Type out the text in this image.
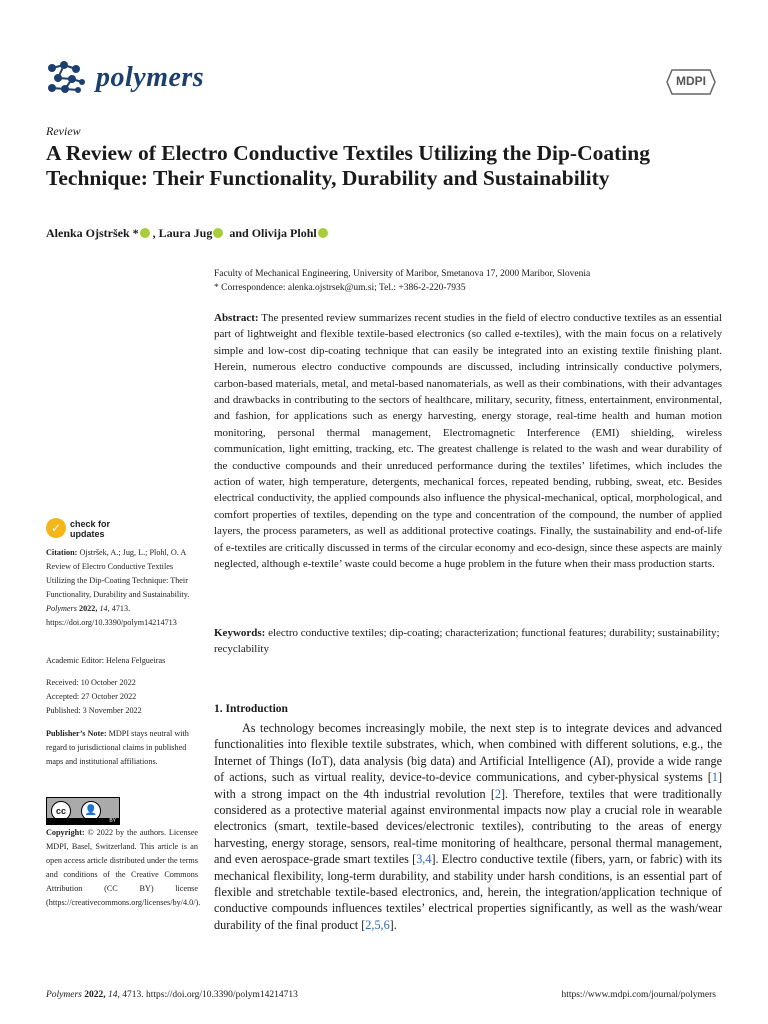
polymers	MDPI
Review
A Review of Electro Conductive Textiles Utilizing the Dip-Coating Technique: Their Functionality, Durability and Sustainability
Alenka Ojstršek * , Laura Jug and Olivija Plohl
Faculty of Mechanical Engineering, University of Maribor, Smetanova 17, 2000 Maribor, Slovenia
* Correspondence: alenka.ojstrsek@um.si; Tel.: +386-2-220-7935
Abstract: The presented review summarizes recent studies in the field of electro conductive textiles as an essential part of lightweight and flexible textile-based electronics (so called e-textiles), with the main focus on a relatively simple and low-cost dip-coating technique that can easily be integrated into an existing textile finishing plant. Herein, numerous electro conductive compounds are discussed, including intrinsically conductive polymers, carbon-based materials, metal, and metal-based nanomaterials, as well as their combinations, with their advantages and drawbacks in contributing to the sectors of healthcare, military, security, fitness, entertainment, environmental, and fashion, for applications such as energy harvesting, energy storage, real-time health and human motion monitoring, personal thermal management, Electromagnetic Interference (EMI) shielding, wireless communication, light emitting, tracking, etc. The greatest challenge is related to the wash and wear durability of the conductive compounds and their unreduced performance during the textiles’ lifetimes, which includes the action of water, high temperature, detergents, mechanical forces, repeated bending, rubbing, sweat, etc. Besides electrical conductivity, the applied compounds also influence the physical-mechanical, optical, morphological, and comfort properties of textiles, depending on the type and concentration of the compound, the number of applied layers, the process parameters, as well as additional protective coatings. Finally, the sustainability and end-of-life of e-textiles are critically discussed in terms of the circular economy and eco-design, since these aspects are mainly neglected, although e-textile’ waste could become a huge problem in the future when their mass production starts.
Keywords: electro conductive textiles; dip-coating; characterization; functional features; durability; sustainability; recyclability
✓ check for
updates
Citation: Ojstršek, A.; Jug, L.; Plohl, O. A Review of Electro Conductive Textiles Utilizing the Dip-Coating Technique: Their Functionality, Durability and Sustainability. Polymers 2022, 14, 4713. https://doi.org/10.3390/polym14214713
Academic Editor: Helena Felgueiras
Received: 10 October 2022
Accepted: 27 October 2022
Published: 3 November 2022
Publisher’s Note: MDPI stays neutral with regard to jurisdictional claims in published maps and institutional affiliations.
cc	👤
BY
Copyright: © 2022 by the authors. Licensee MDPI, Basel, Switzerland. This article is an open access article distributed under the terms and conditions of the Creative Commons Attribution (CC BY) license (https://creativecommons.org/licenses/by/4.0/).
1. Introduction
As technology becomes increasingly mobile, the next step is to integrate devices and advanced functionalities into flexible textile substrates, which, when combined with different solutions, e.g., the Internet of Things (IoT), data analysis (big data) and Artificial Intelligence (AI), provide a wide range of actions, such as virtual reality, device-to-device communications, and cyber-physical systems [1] with a strong impact on the 4th industrial revolution [2]. Therefore, textiles that were traditionally considered as a protective material against environmental impacts now play a crucial role in wearable electronics (smart, textile-based devices/electronic textiles), contributing to the areas of energy harvesting, energy storage, sensors, real-time monitoring of healthcare, personal thermal management, and even aerospace-grade smart textiles [3,4]. Electro conductive textile (fibers, yarn, or fabric) with its mechanical flexibility, long-term durability, and stability under harsh conditions, is an essential part of flexible and stretchable textile-based electronics, and, herein, the integration/application technique of conductive compounds influences textiles’ electrical properties significantly, as well as the wash/wear durability of the final product [2,5,6].
Polymers 2022, 14, 4713. https://doi.org/10.3390/polym14214713	https://www.mdpi.com/journal/polymers
